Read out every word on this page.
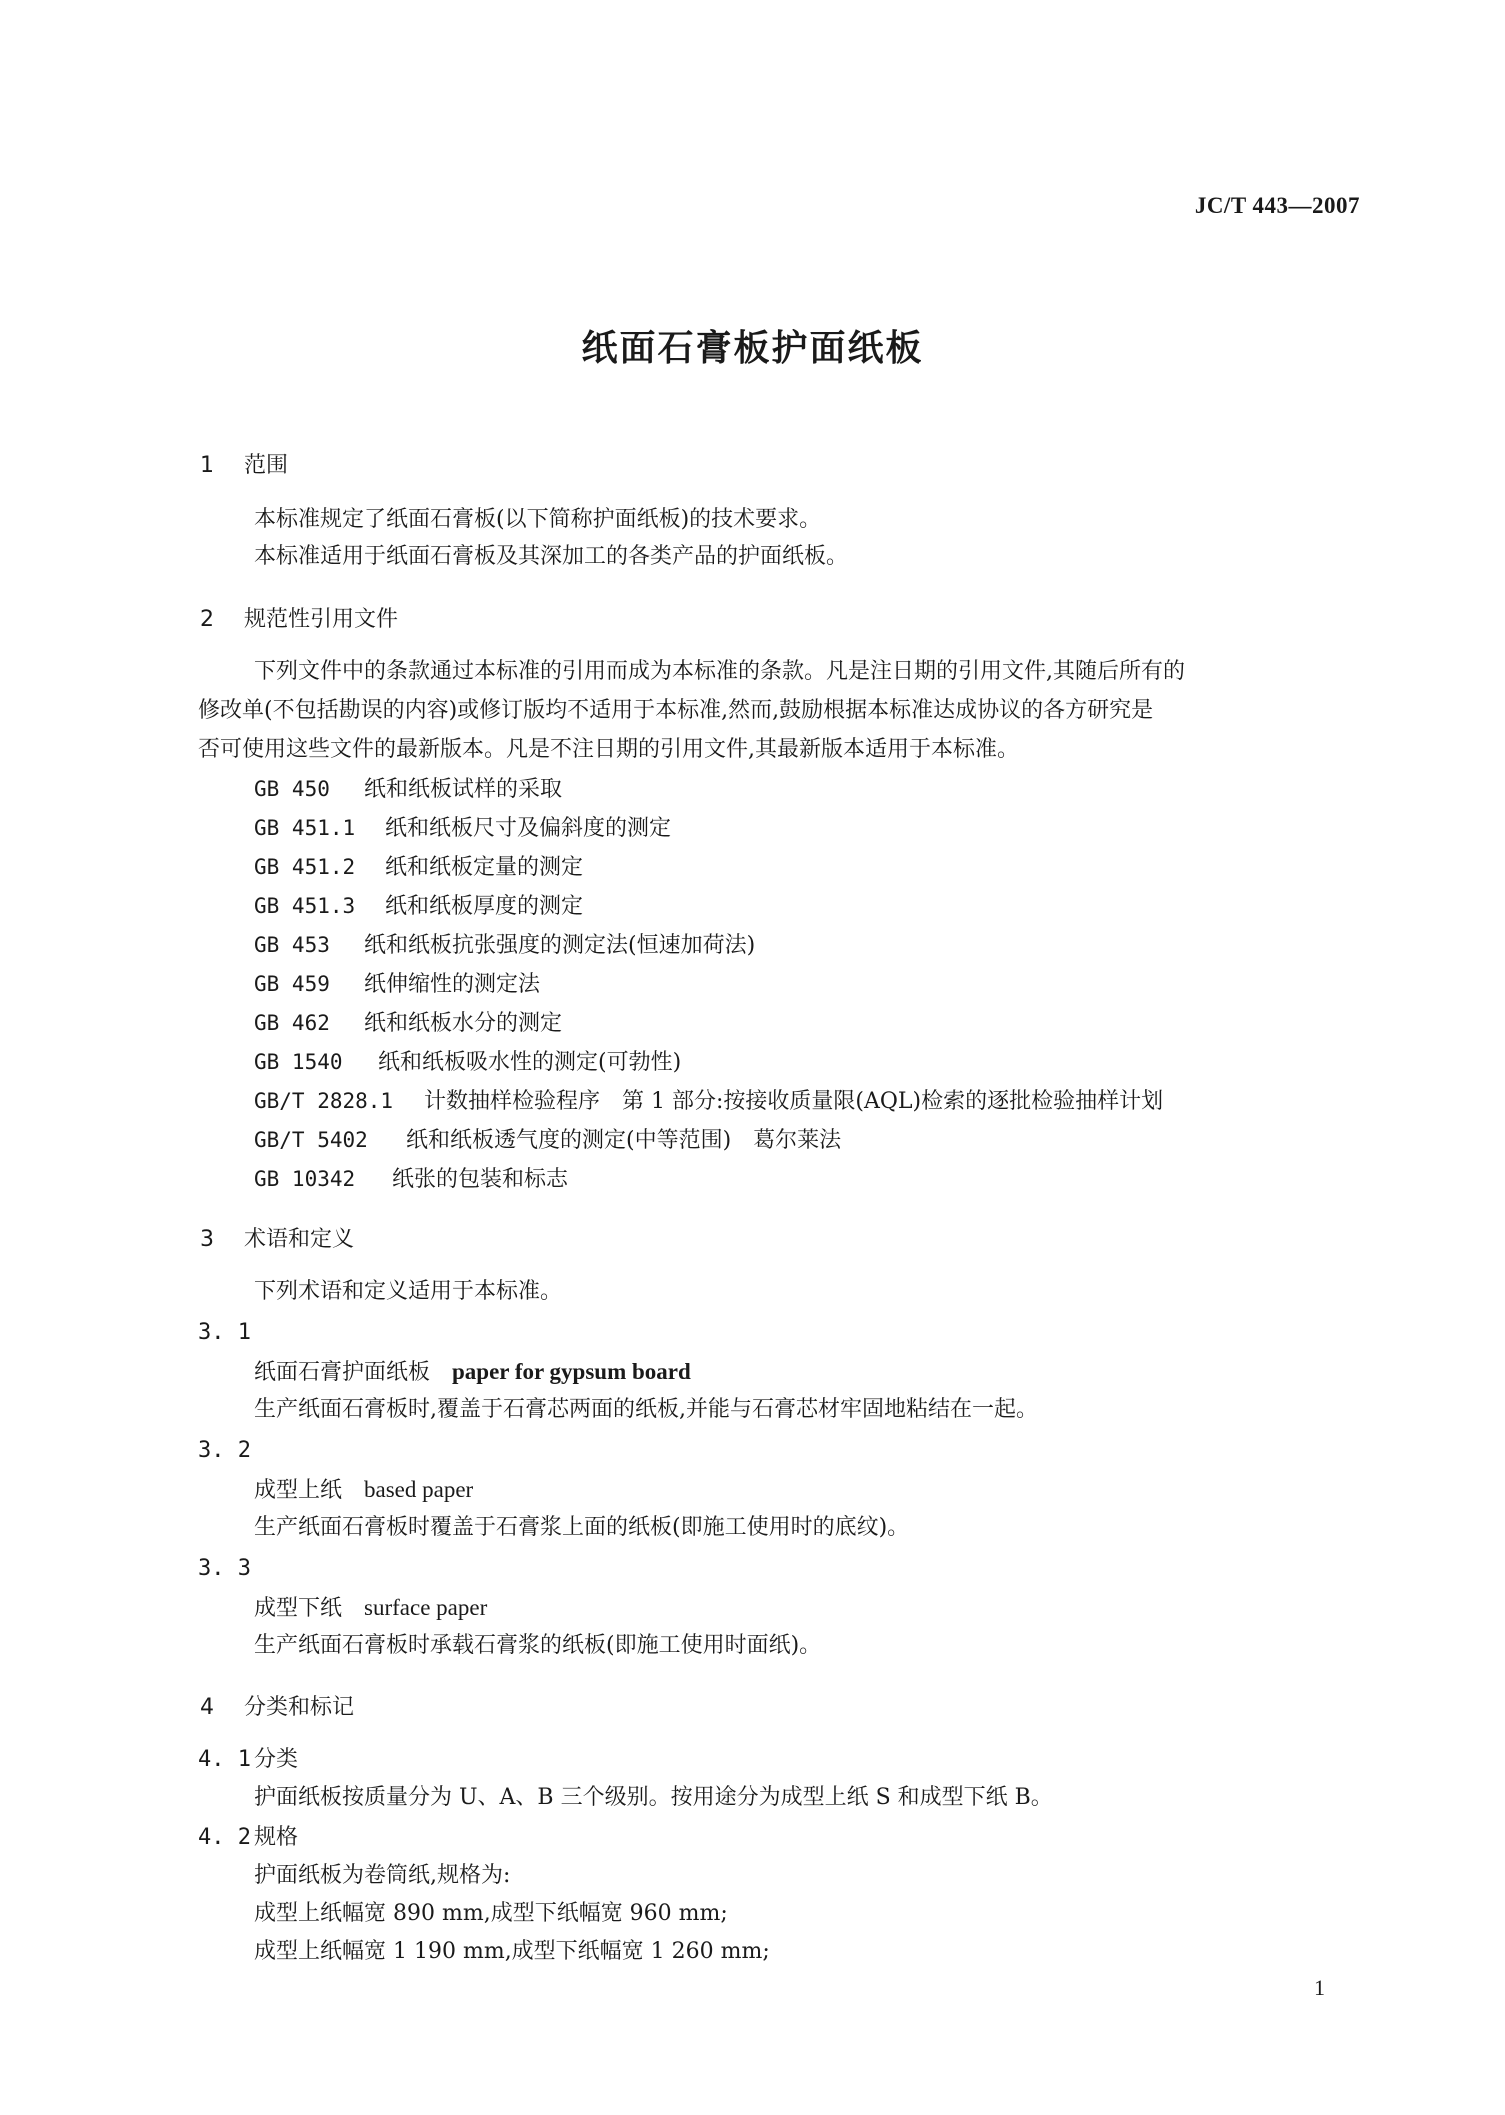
JC/T 443—2007
纸面石膏板护面纸板
1 范围
本标准规定了纸面石膏板(以下简称护面纸板)的技术要求。
本标准适用于纸面石膏板及其深加工的各类产品的护面纸板。
2 规范性引用文件
下列文件中的条款通过本标准的引用而成为本标准的条款。凡是注日期的引用文件,其随后所有的
修改单(不包括勘误的内容)或修订版均不适用于本标准,然而,鼓励根据本标准达成协议的各方研究是
否可使用这些文件的最新版本。凡是不注日期的引用文件,其最新版本适用于本标准。
GB 450 纸和纸板试样的采取
GB 451.1 纸和纸板尺寸及偏斜度的测定
GB 451.2 纸和纸板定量的测定
GB 451.3 纸和纸板厚度的测定
GB 453 纸和纸板抗张强度的测定法(恒速加荷法)
GB 459 纸伸缩性的测定法
GB 462 纸和纸板水分的测定
GB 1540 纸和纸板吸水性的测定(可勃性)
GB/T 2828.1 计数抽样检验程序　第 1 部分:按接收质量限(AQL)检索的逐批检验抽样计划
GB/T 5402 纸和纸板透气度的测定(中等范围)　葛尔莱法
GB 10342 纸张的包装和标志
3 术语和定义
下列术语和定义适用于本标准。
3. 1
纸面石膏护面纸板 paper for gypsum board
生产纸面石膏板时,覆盖于石膏芯两面的纸板,并能与石膏芯材牢固地粘结在一起。
3. 2
成型上纸 based paper
生产纸面石膏板时覆盖于石膏浆上面的纸板(即施工使用时的底纹)。
3. 3
成型下纸 surface paper
生产纸面石膏板时承载石膏浆的纸板(即施工使用时面纸)。
4 分类和标记
4. 1 分类
护面纸板按质量分为 U、A、B 三个级别。按用途分为成型上纸 S 和成型下纸 B。
4. 2 规格
护面纸板为卷筒纸,规格为:
成型上纸幅宽 890 mm,成型下纸幅宽 960 mm;
成型上纸幅宽 1 190 mm,成型下纸幅宽 1 260 mm;
1
